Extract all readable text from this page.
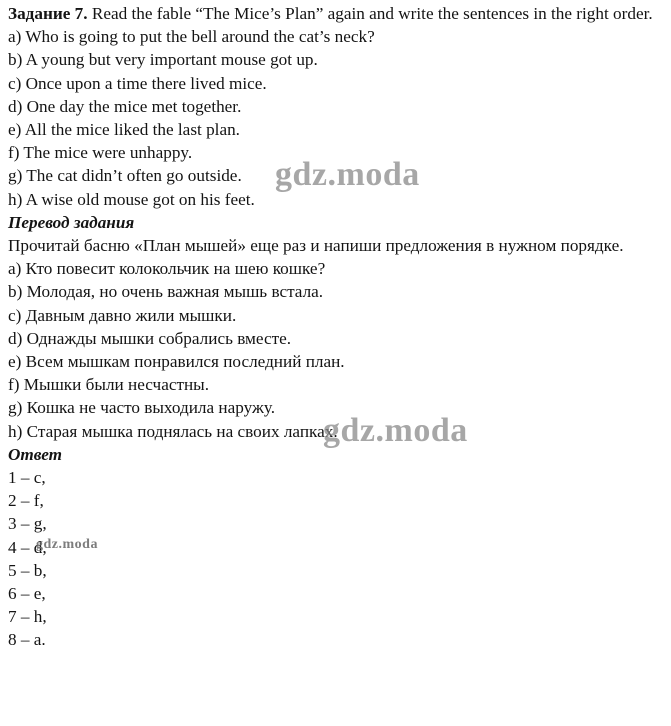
Задание 7. Read the fable “The Mice’s Plan” again and write the sentences in the right order.
a) Who is going to put the bell around the cat’s neck?
b) A young but very important mouse got up.
c) Once upon a time there lived mice.
d) One day the mice met together.
e) All the mice liked the last plan.
f) The mice were unhappy.
g) The cat didn’t often go outside.
h) A wise old mouse got on his feet.
Перевод задания
Прочитай басню «План мышей» еще раз и напиши предложения в нужном порядке.
a) Кто повесит колокольчик на шею кошке?
b) Молодая, но очень важная мышь встала.
c) Давным давно жили мышки.
d) Однажды мышки собрались вместе.
e) Всем мышкам понравился последний план.
f) Мышки были несчастны.
g) Кошка не часто выходила наружу.
h) Старая мышка поднялась на своих лапках.
Ответ
1 – c,
2 – f,
3 – g,
4 – d,
5 – b,
6 – e,
7 – h,
8 – a.
gdz.moda
gdz.moda
gdz.moda
